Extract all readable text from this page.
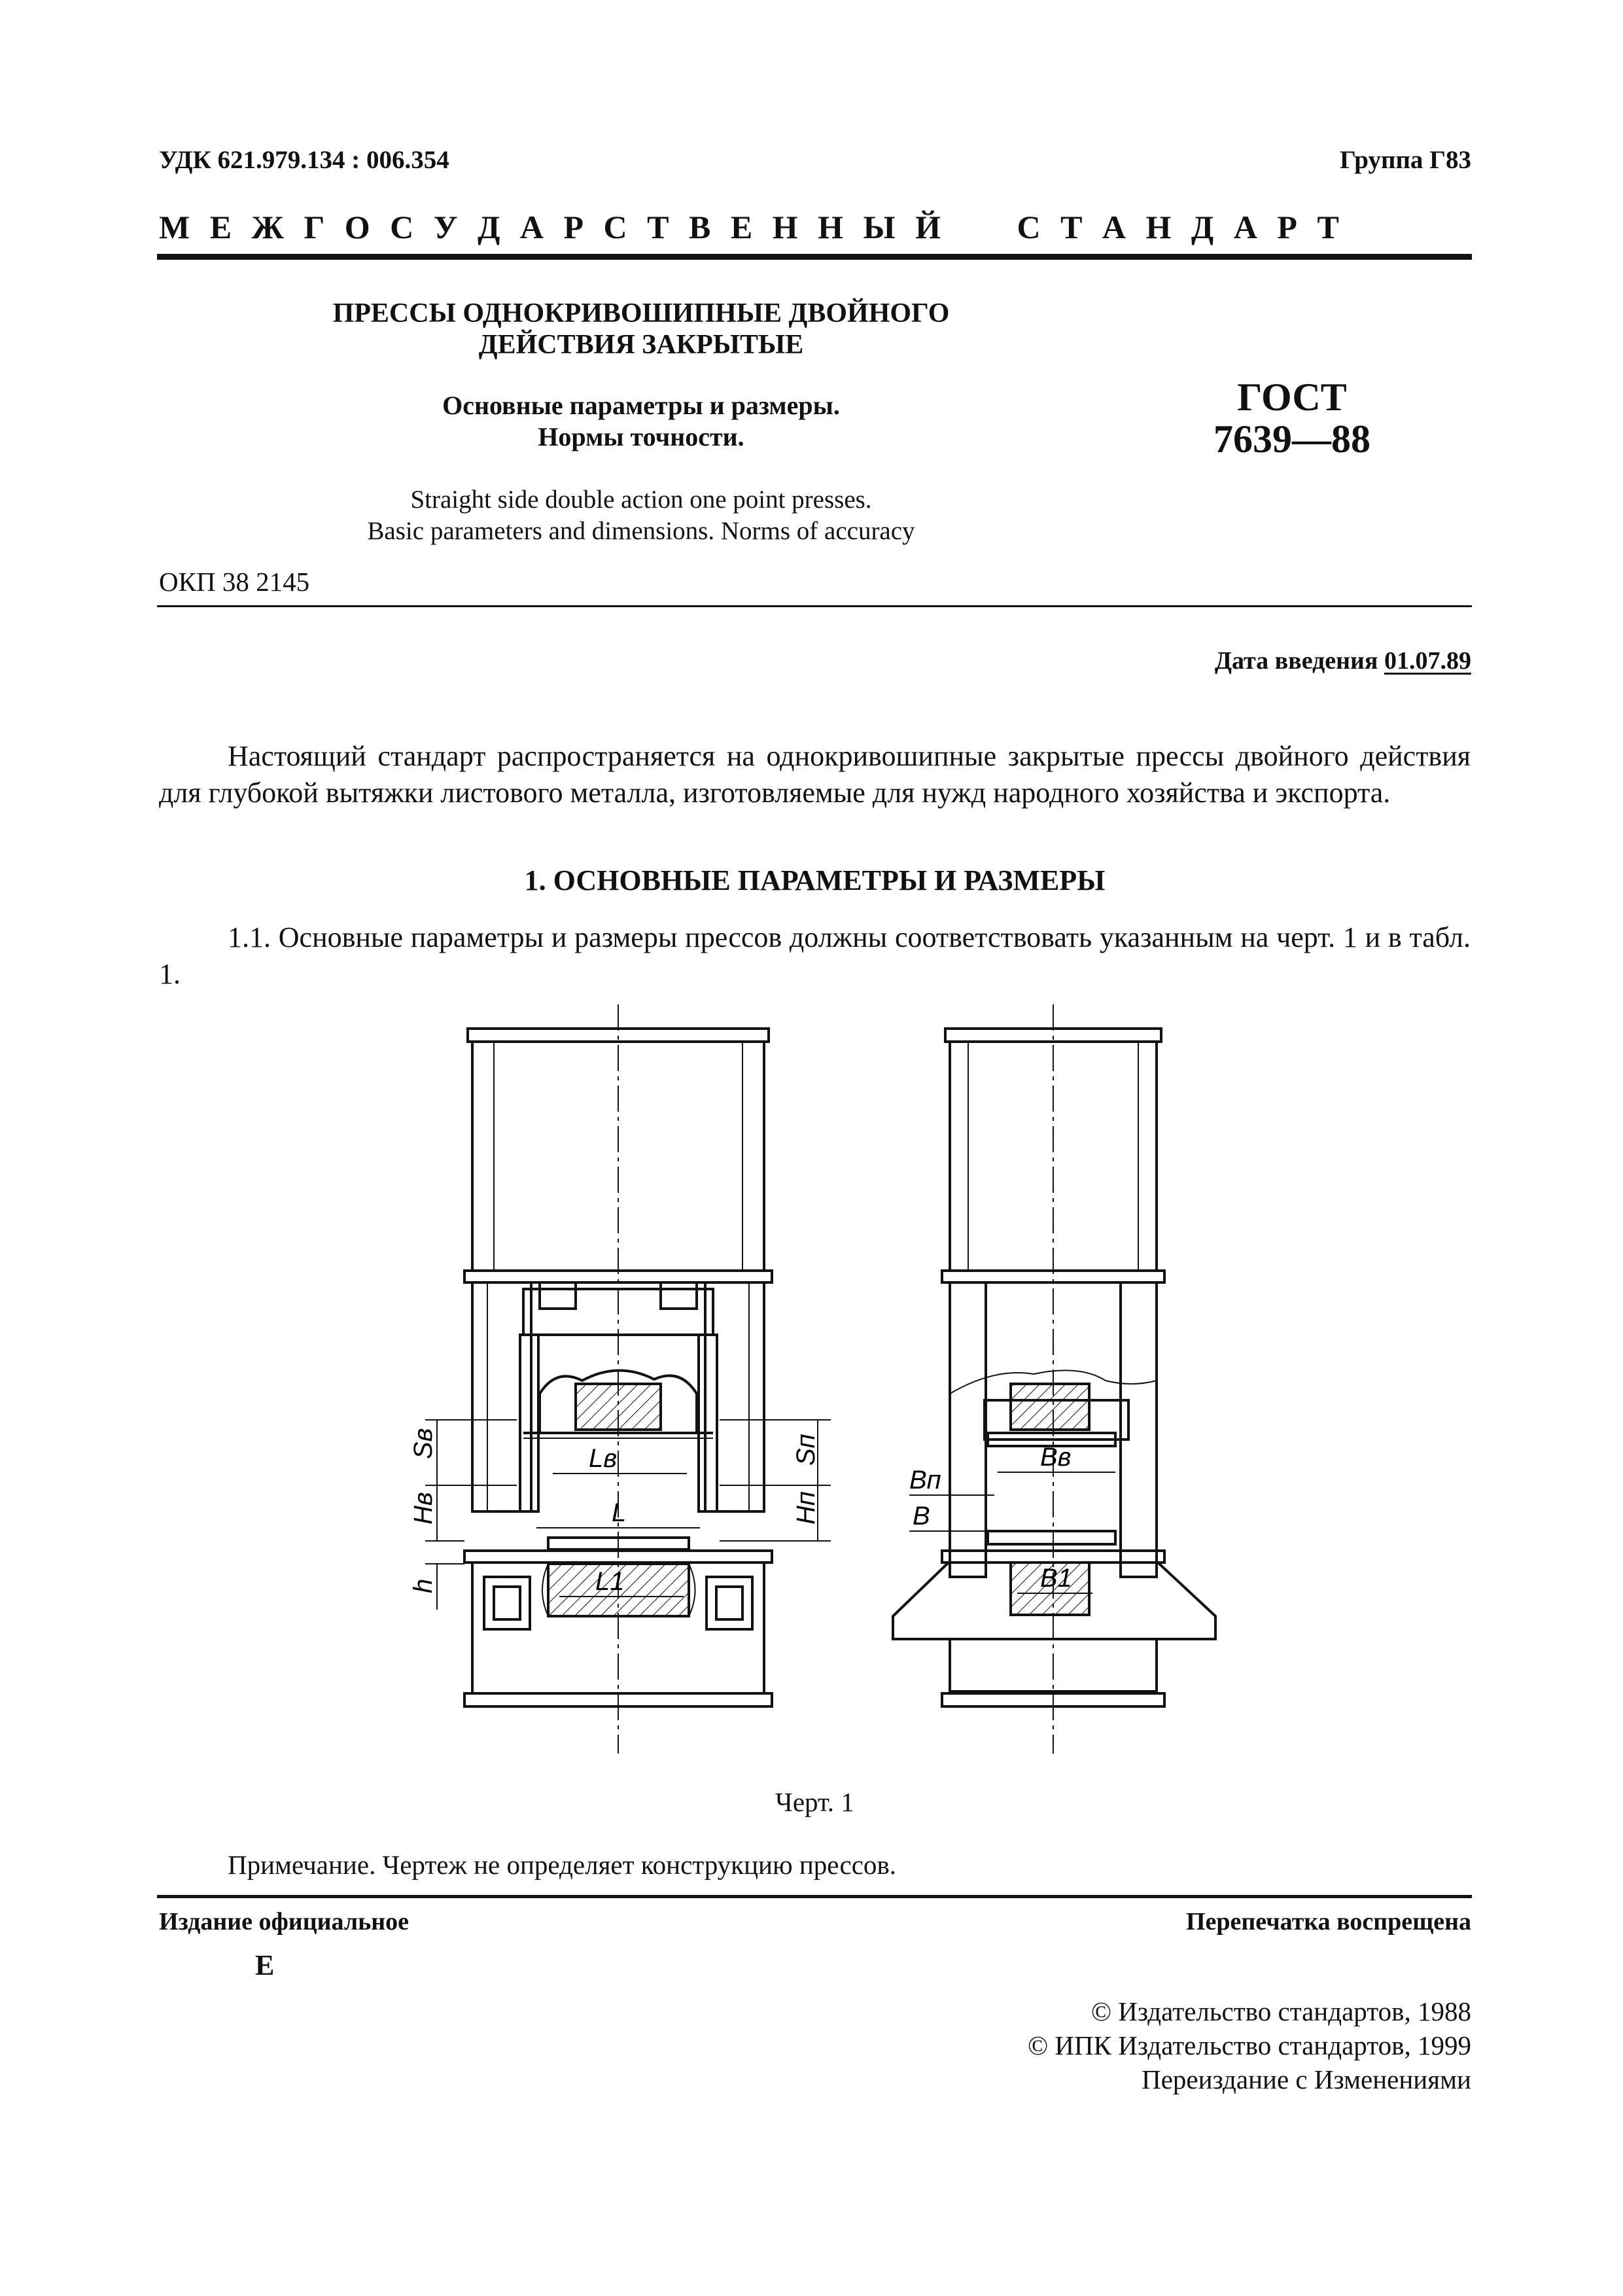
УДК 621.979.134 : 006.354	Группа Г83
М Е Ж Г О С У Д А Р С Т В Е Н Н Ы Й     С Т А Н Д А Р Т
ПРЕССЫ ОДНОКРИВОШИПНЫЕ ДВОЙНОГО
ДЕЙСТВИЯ ЗАКРЫТЫЕ
Основные параметры и размеры.
Нормы точности.
ГОСТ
7639—88
Straight side double action one point presses.
Basic parameters and dimensions. Norms of accuracy
ОКП 38 2145
Дата введения 01.07.89
Настоящий стандарт распространяется на однокривошипные закрытые прессы двойного действия для глубокой вытяжки листового металла, изготовляемые для нужд народного хозяйства и экспорта.
1. ОСНОВНЫЕ ПАРАМЕТРЫ И РАЗМЕРЫ
1.1. Основные параметры и размеры прессов должны соответствовать указанным на черт. 1 и в табл. 1.
Sв
Hв
h
Lв
L
L1
Sп
Hп
Bп
B
Bв
B1
Черт. 1
Примечание. Чертеж не определяет конструкцию прессов.
Издание официальное	Перепечатка воспрещена
Е
© Издательство стандартов, 1988
© ИПК Издательство стандартов, 1999
Переиздание с Изменениями
